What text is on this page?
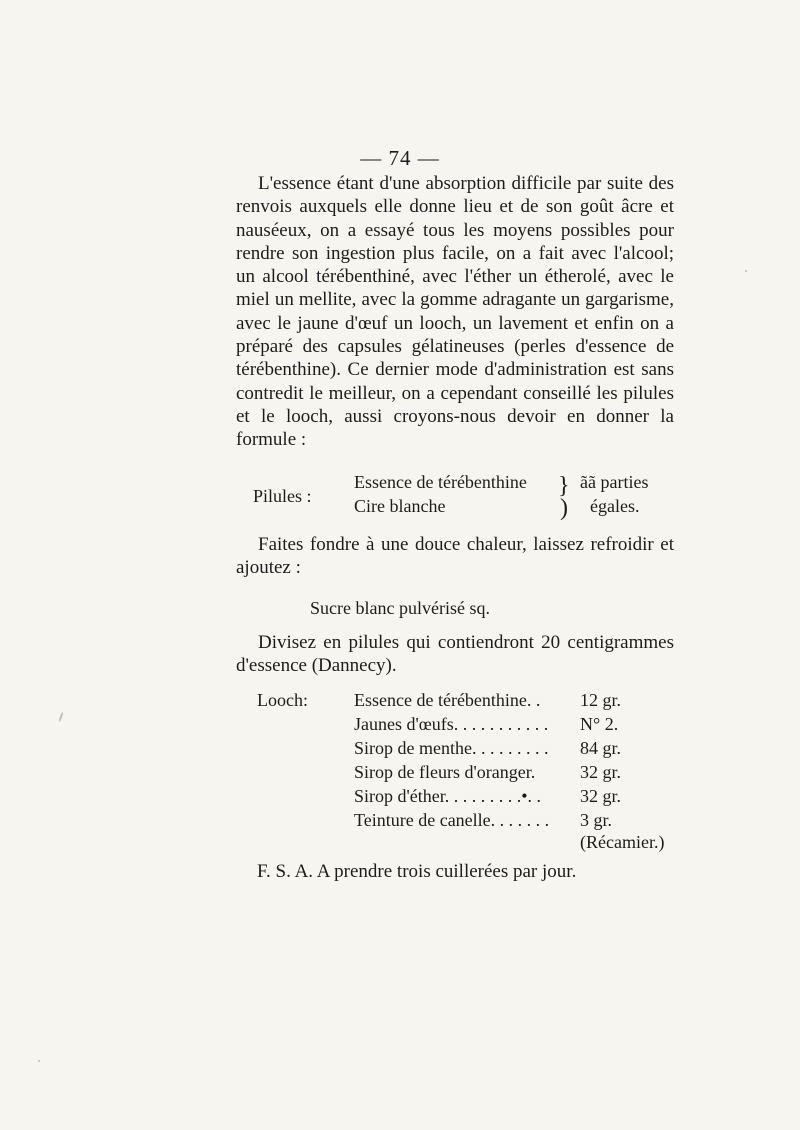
— 74 —
L'essence étant d'une absorption difficile par suite des
renvois auxquels elle donne lieu et de son goût âcre et
nauséeux, on a essayé tous les moyens possibles pour
rendre son ingestion plus facile, on a fait avec l'alcool;
un alcool térébenthiné, avec l'éther un étherolé, avec le
miel un mellite, avec la gomme adragante un gargarisme,
avec le jaune d'œuf un looch, un lavement et enfin on a
préparé des capsules gélatineuses (perles d'essence de
térébenthine). Ce dernier mode d'administration est sans
contredit le meilleur, on a cependant conseillé les pilules
et le looch, aussi croyons-nous devoir en donner la
formule :
Pilules :
Essence de térébenthine
Cire blanche
}
)
ãã parties
égales.
Faites fondre à une douce chaleur, laissez refroidir et
ajoutez :
Sucre blanc pulvérisé sq.
Divisez en pilules qui contiendront 20 centigrammes
d'essence (Dannecy).
Looch:	Essence de térébenthine. . 12 gr.
Jaunes d'œufs. . . . . . . . . . . N° 2.
Sirop de menthe. . . . . . . . . 84 gr.
Sirop de fleurs d'oranger. 32 gr.
Sirop d'éther. . . . . . . . .•. . 32 gr.
Teinture de canelle. . . . . . . 3 gr.
(Récamier.)
F. S. A. A prendre trois cuillerées par jour.
